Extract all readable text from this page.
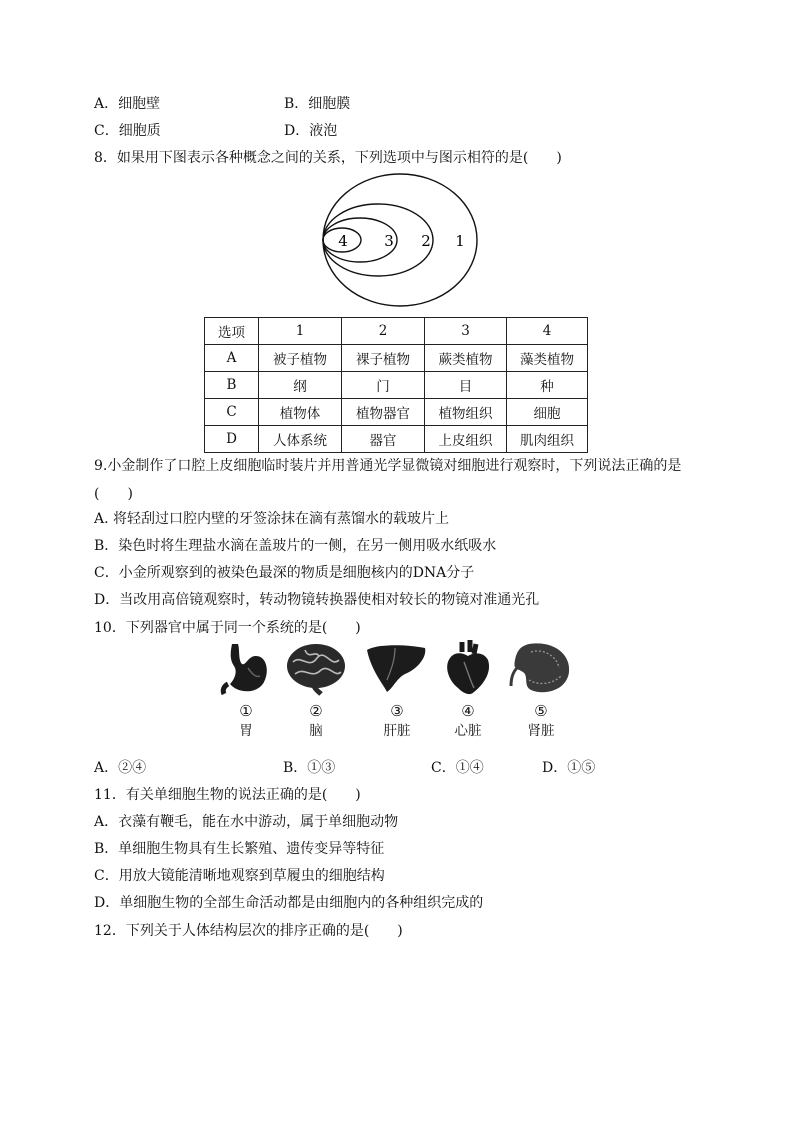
A．细胞壁	B．细胞膜
C．细胞质	D．液泡
8．如果用下图表示各种概念之间的关系，下列选项中与图示相符的是(　　)
4 3 2 1
选项	1	2	3	4
A	被子植物	裸子植物	蕨类植物	藻类植物
B	纲	门	目	种
C	植物体	植物器官	植物组织	细胞
D	人体系统	器官	上皮组织	肌肉组织
9.小金制作了口腔上皮细胞临时装片并用普通光学显微镜对细胞进行观察时，下列说法正确的是
(　　)
A. 将轻刮过口腔内壁的牙签涂抹在滴有蒸馏水的载玻片上
B．染色时将生理盐水滴在盖玻片的一侧，在另一侧用吸水纸吸水
C．小金所观察到的被染色最深的物质是细胞核内的DNA分子
D．当改用高倍镜观察时，转动物镜转换器使相对较长的物镜对准通光孔
10．下列器官中属于同一个系统的是(　　)
①
胃
②
脑
③
肝脏
④
心脏
⑤
肾脏
A．②④	B．①③	C．①④	D．①⑤
11．有关单细胞生物的说法正确的是(　　)
A．衣藻有鞭毛，能在水中游动，属于单细胞动物
B．单细胞生物具有生长繁殖、遗传变异等特征
C．用放大镜能清晰地观察到草履虫的细胞结构
D．单细胞生物的全部生命活动都是由细胞内的各种组织完成的
12．下列关于人体结构层次的排序正确的是(　　)
